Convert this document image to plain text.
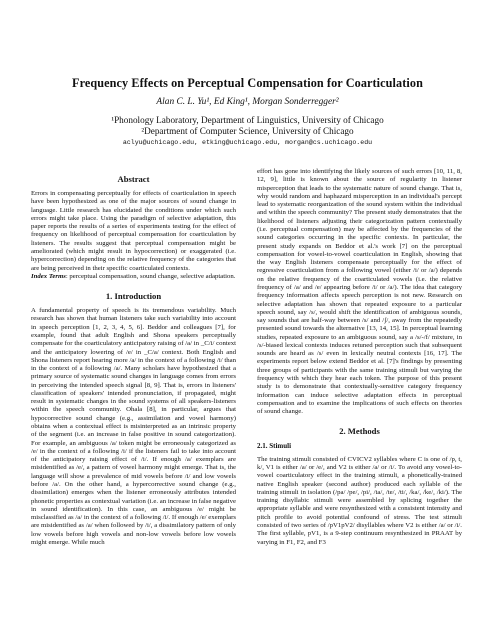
Frequency Effects on Perceptual Compensation for Coarticulation
Alan C. L. Yu¹, Ed King¹, Morgan Sonderregger²
¹Phonology Laboratory, Department of Linguistics, University of Chicago
²Department of Computer Science, University of Chicago
aclyu@uchicago.edu, etking@uchicago.edu, morgan@cs.uchicago.edu
Abstract

Errors in compensating perceptually for effects of coarticulation in speech have been hypothesized as one of the major sources of sound change in language. Little research has elucidated the conditions under which such errors might take place. Using the paradigm of selective adaptation, this paper reports the results of a series of experiments testing for the effect of frequency on likelihood of perceptual compensation for coarticulation by listeners. The results suggest that perceptual compensation might be ameliorated (which might result in hypocorrection) or exaggerated (i.e. hypercorrection) depending on the relative frequency of the categories that are being perceived in their specific coarticulated contexts.

Index Terms: perceptual compensation, sound change, selective adaptation.

1. Introduction

A fundamental property of speech is its tremendous variability. Much research has shown that human listeners take such variability into account in speech perception [1, 2, 3, 4, 5, 6]. Beddor and colleagues [7], for example, found that adult English and Shona speakers perceptually compensate for the coarticulatory anticipatory raising of /a/ in _C/i/ context and the anticipatory lowering of /e/ in _C/a/ context. Both English and Shona listeners report hearing more /a/ in the context of a following /i/ than in the context of a following /a/. Many scholars have hypothesized that a primary source of systematic sound changes in language comes from errors in perceiving the intended speech signal [8, 9]. That is, errors in listeners' classification of speakers' intended pronunciation, if propagated, might result in systematic changes in the sound systems of all speakers-listeners within the speech community. Ohala [8], in particular, argues that hypocorrective sound change (e.g., assimilation and vowel harmony) obtains when a contextual effect is misinterpreted as an intrinsic property of the segment (i.e. an increase in false positive in sound categorization). For example, an ambiguous /a/ token might be erroneously categorized as /e/ in the context of a following /i/ if the listeners fail to take into account of the anticipatory raising effect of /i/. If enough /a/ exemplars are misidentified as /e/, a pattern of vowel harmony might emerge. That is, the language will show a prevalence of mid vowels before /i/ and low vowels before /a/. On the other hand, a hypercorrective sound change (e.g., dissimilation) emerges when the listener erroneously attributes intended phonetic properties as contextual variation (i.e. an increase in false negative in sound identification). In this case, an ambiguous /e/ might be misclassified as /a/ in the context of a following /i/. If enough /e/ exemplars are misidentified as /a/ when followed by /i/, a dissimilatory pattern of only low vowels before high vowels and non-low vowels before low vowels might emerge. While much

effort has gone into identifying the likely sources of such errors [10, 11, 8, 12, 9], little is known about the source of regularity in listener misperception that leads to the systematic nature of sound change. That is, why would random and haphazard misperception in an individual's percept lead to systematic reorganization of the sound system within the individual and within the speech community? The present study demonstrates that the likelihood of listeners adjusting their categorization pattern contextually (i.e. perceptual compensation) may be affected by the frequencies of the sound categories occurring in the specific contexts. In particular, the present study expands on Beddor et al.'s work [7] on the perceptual compensation for vowel-to-vowel coarticulation in English, showing that the way English listeners compensate perceptually for the effect of regressive coarticulation from a following vowel (either /i/ or /a/) depends on the relative frequency of the coarticulated vowels (i.e. the relative frequency of /a/ and /e/ appearing before /i/ or /a/). The idea that category frequency information affects speech perception is not new. Research on selective adaptation has shown that repeated exposure to a particular speech sound, say /s/, would shift the identification of ambiguous sounds, say sounds that are half-way between /s/ and /ʃ/, away from the repeatedly presented sound towards the alternative [13, 14, 15]. In perceptual learning studies, repeated exposure to an ambiguous sound, say a /s/-/f/ mixture, in /s/-biased lexical contexts induces retuned perception such that subsequent sounds are heard as /s/ even in lexically neutral contexts [16, 17]. The experiments report below extend Beddor et al. [7]'s findings by presenting three groups of participants with the same training stimuli but varying the frequency with which they hear each token. The purpose of this present study is to demonstrate that contextually-sensitive category frequency information can induce selective adaptation effects in perceptual compensation and to examine the implications of such effects on theories of sound change.

2. Methods
2.1. Stimuli

The training stimuli consisted of CVICV2 syllables where C is one of /p, t, k/, V1 is either /a/ or /e/, and V2 is either /a/ or /i/. To avoid any vowel-to-vowel coarticulatory effect in the training stimuli, a phonetically-trained native English speaker (second author) produced each syllable of the training stimuli in isolation (/pa/ /pe/, /pi/, /ta/, /te/, /ti/, /ka/, /ke/, /ki/). The training disyllabic stimuli were assembled by splicing together the appropriate syllable and were resynthesized with a consistent intensity and pitch profile to avoid potential confound of stress. The test stimuli consisted of two series of /pV1pV2/ disyllables where V2 is either /a/ or /i/. The first syllable, pV1, is a 9-step continuum resynthesized in PRAAT by varying in F1, F2, and F3
